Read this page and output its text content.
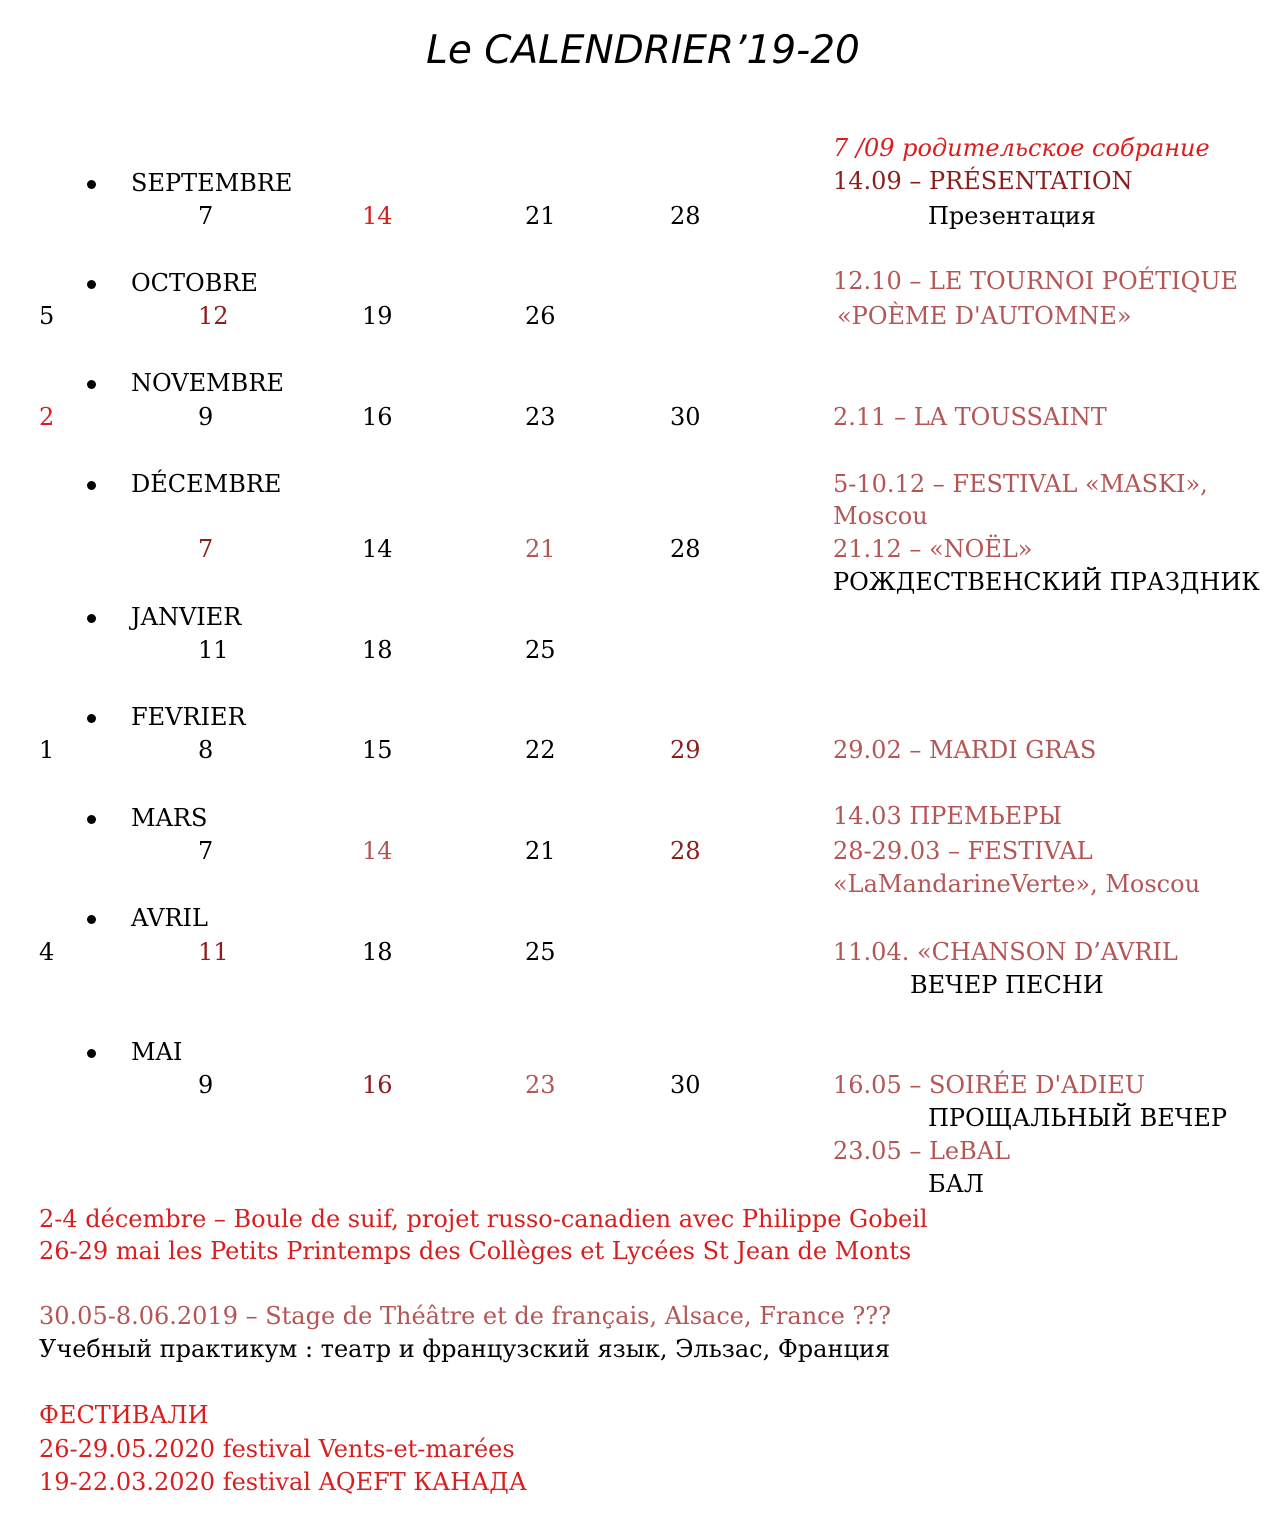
Le CALENDRIER’19-20
SEPTEMBRE
7	14	21	28
7 /09 родительское собрание
14.09 – PRÉSENTATION
Презентация
OCTOBRE
5	12	19	26
12.10 – LE TOURNOI POÉTIQUE
«POÈME D'AUTOMNE»
NOVEMBRE
2	9	16	23	30	2.11 – LA TOUSSAINT
DÉCEMBRE
7	14	21	28
5-10.12 – FESTIVAL «MASKI»,
Moscou
21.12 – «NOËL»
РОЖДЕСТВЕНСКИЙ ПРАЗДНИК
JANVIER
11	18	25
FEVRIER
1	8	15	22	29	29.02 – MARDI GRAS
MARS
7	14	21	28
14.03 ПРЕМЬЕРЫ
28-29.03 – FESTIVAL
«LaMandarineVerte», Moscou
AVRIL
4	11	18	25	11.04. «CHANSON D’AVRIL
ВЕЧЕР ПЕСНИ
MAI
9	16	23	30	16.05 – SOIRÉE D'ADIEU
ПРОЩАЛЬНЫЙ ВЕЧЕР
23.05 – LeBAL
БАЛ
2-4 décembre – Boule de suif, projet russo-canadien avec Philippe Gobeil
26-29 mai les Petits Printemps des Collèges et Lycées St Jean de Monts
30.05-8.06.2019 – Stage de Théâtre et de français, Alsace, France ???
Учебный практикум : театр и французский язык, Эльзас, Франция
ФЕСТИВАЛИ
26-29.05.2020 festival Vents-et-marées
19-22.03.2020 festival AQEFT КАНАДА
